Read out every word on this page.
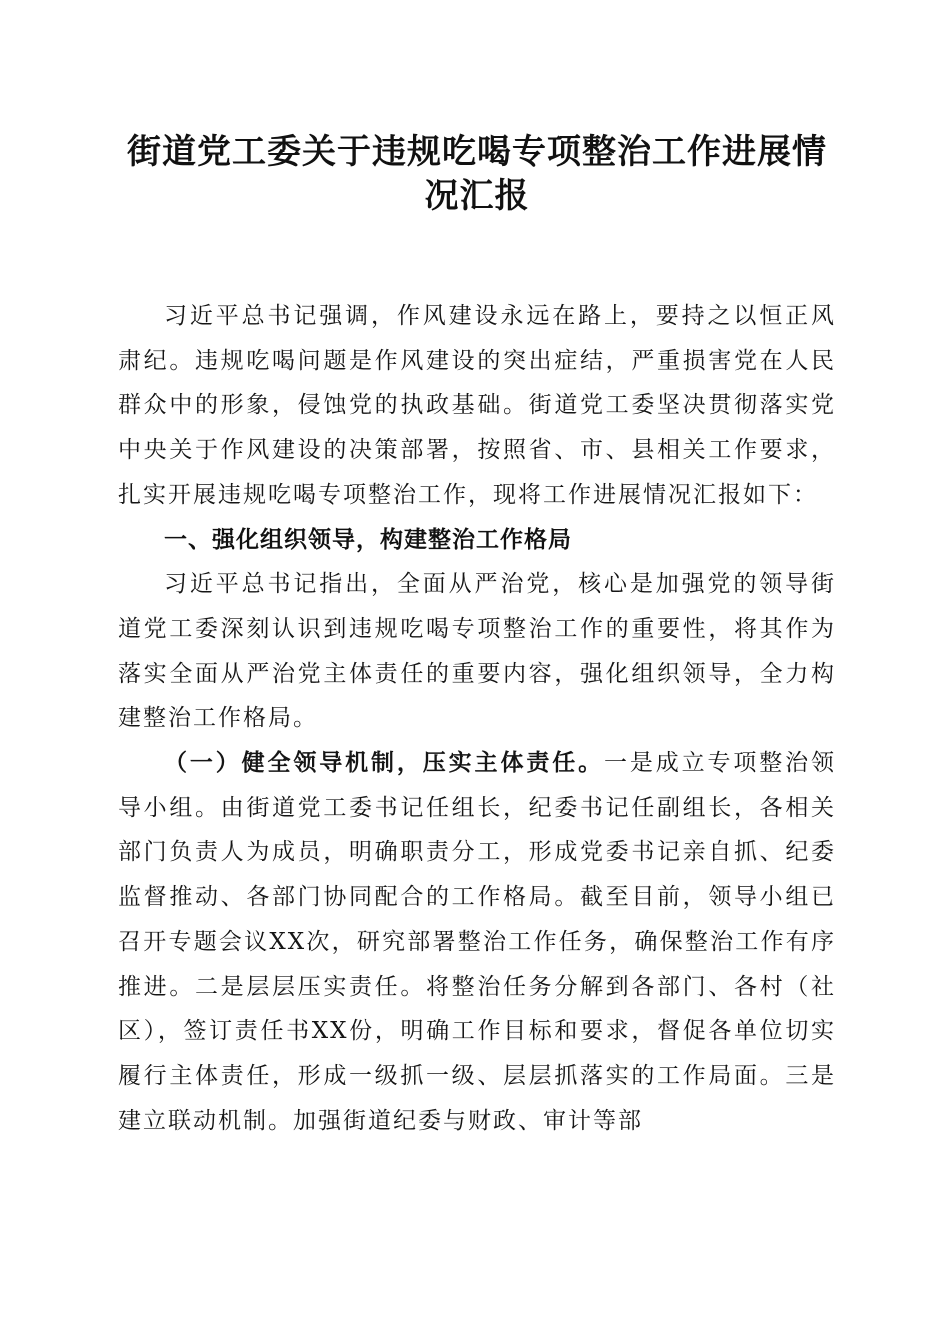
街道党工委关于违规吃喝专项整治工作进展情况汇报

习近平总书记强调，作风建设永远在路上，要持之以恒正风肃纪。违规吃喝问题是作风建设的突出症结，严重损害党在人民群众中的形象，侵蚀党的执政基础。街道党工委坚决贯彻落实党中央关于作风建设的决策部署，按照省、市、县相关工作要求，扎实开展违规吃喝专项整治工作，现将工作进展情况汇报如下：

一、强化组织领导，构建整治工作格局

习近平总书记指出，全面从严治党，核心是加强党的领导街道党工委深刻认识到违规吃喝专项整治工作的重要性，将其作为落实全面从严治党主体责任的重要内容，强化组织领导，全力构建整治工作格局。

（一）健全领导机制，压实主体责任。一是成立专项整治领导小组。由街道党工委书记任组长，纪委书记任副组长，各相关部门负责人为成员，明确职责分工，形成党委书记亲自抓、纪委监督推动、各部门协同配合的工作格局。截至目前，领导小组已召开专题会议XX次，研究部署整治工作任务，确保整治工作有序推进。二是层层压实责任。将整治任务分解到各部门、各村（社区），签订责任书XX份，明确工作目标和要求，督促各单位切实履行主体责任，形成一级抓一级、层层抓落实的工作局面。三是建立联动机制。加强街道纪委与财政、审计等部
